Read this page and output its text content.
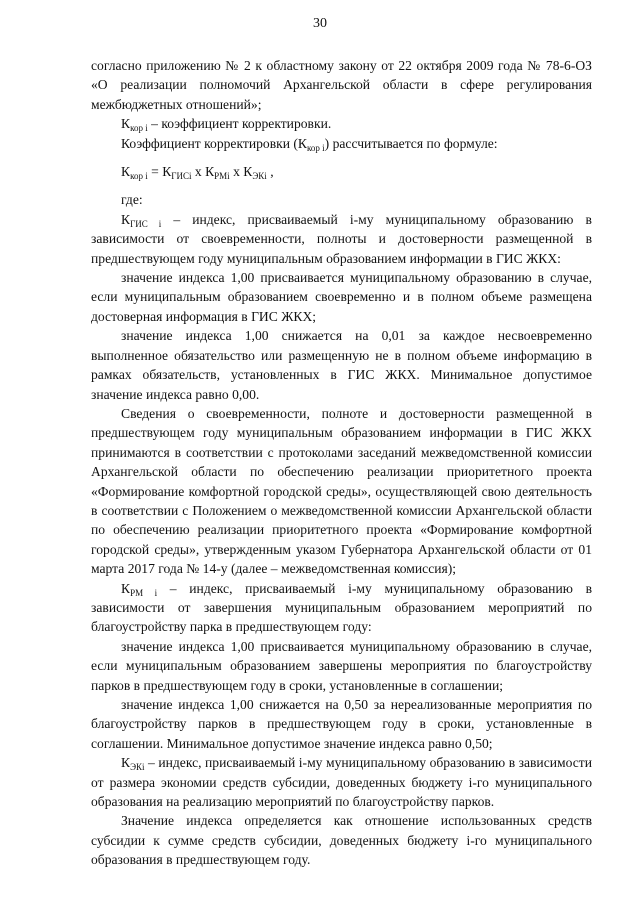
30

согласно приложению № 2 к областному закону от 22 октября 2009 года № 78-6-ОЗ «О реализации полномочий Архангельской области в сфере регулирования межбюджетных отношений»;

$К_{кор i}$ – коэффициент корректировки.

Коэффициент корректировки $(К_{кор i})$ рассчитывается по формуле:

$К_{кор i} = К_{ГИСi}$ х $К_{РМi}$ х $К_{ЭКi}$ ,

где:

$К_{ГИС i}$ – индекс, присваиваемый i-му муниципальному образованию в зависимости от своевременности, полноты и достоверности размещенной в предшествующем году муниципальным образованием информации в ГИС ЖКХ:

значение индекса 1,00 присваивается муниципальному образованию в случае, если муниципальным образованием своевременно и в полном объеме размещена достоверная информация в ГИС ЖКХ;

значение индекса 1,00 снижается на 0,01 за каждое несвоевременно выполненное обязательство или размещенную не в полном объеме информацию в рамках обязательств, установленных в ГИС ЖКХ. Минимальное допустимое значение индекса равно 0,00.

Сведения о своевременности, полноте и достоверности размещенной в предшествующем году муниципальным образованием информации в ГИС ЖКХ принимаются в соответствии с протоколами заседаний межведомственной комиссии Архангельской области по обеспечению реализации приоритетного проекта «Формирование комфортной городской среды», осуществляющей свою деятельность в соответствии с Положением о межведомственной комиссии Архангельской области по обеспечению реализации приоритетного проекта «Формирование комфортной городской среды», утвержденным указом Губернатора Архангельской области от 01 марта 2017 года № 14-у (далее – межведомственная комиссия);

$К_{РМ i}$ – индекс, присваиваемый i-му муниципальному образованию в зависимости от завершения муниципальным образованием мероприятий по благоустройству парка в предшествующем году:

значение индекса 1,00 присваивается муниципальному образованию в случае, если муниципальным образованием завершены мероприятия по благоустройству парков в предшествующем году в сроки, установленные в соглашении;

значение индекса 1,00 снижается на 0,50 за нереализованные мероприятия по благоустройству парков в предшествующем году в сроки, установленные в соглашении. Минимальное допустимое значение индекса равно 0,50;

$К_{ЭКi}$ – индекс, присваиваемый i-му муниципальному образованию в зависимости от размера экономии средств субсидии, доведенных бюджету i-го муниципального образования на реализацию мероприятий по благоустройству парков.

Значение индекса определяется как отношение использованных средств субсидии к сумме средств субсидии, доведенных бюджету i-го муниципального образования в предшествующем году.
